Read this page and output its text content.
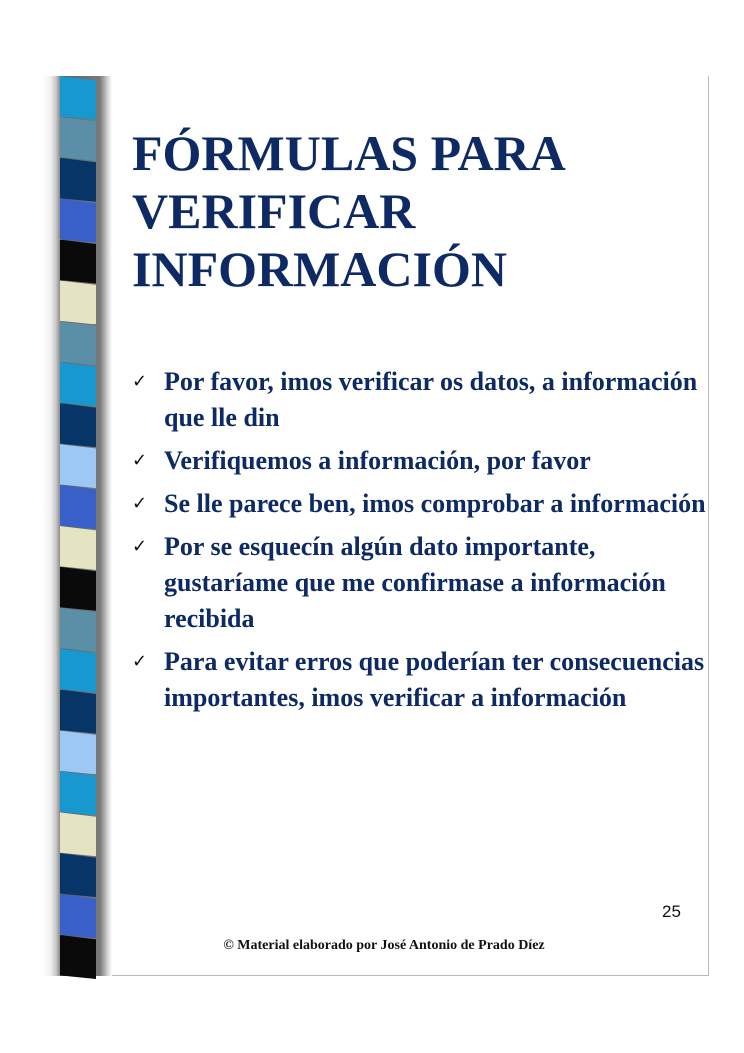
FÓRMULAS PARA
VERIFICAR
INFORMACIÓN
✓ Por favor, imos verificar os datos, a información que lle din
✓ Verifiquemos a información, por favor
✓ Se lle parece ben, imos comprobar a información
✓ Por se esquecín algún dato importante, gustaríame que me confirmase a información recibida
✓ Para evitar erros que poderían ter consecuencias importantes, imos verificar a información
25
© Material elaborado por José Antonio de Prado Díez
